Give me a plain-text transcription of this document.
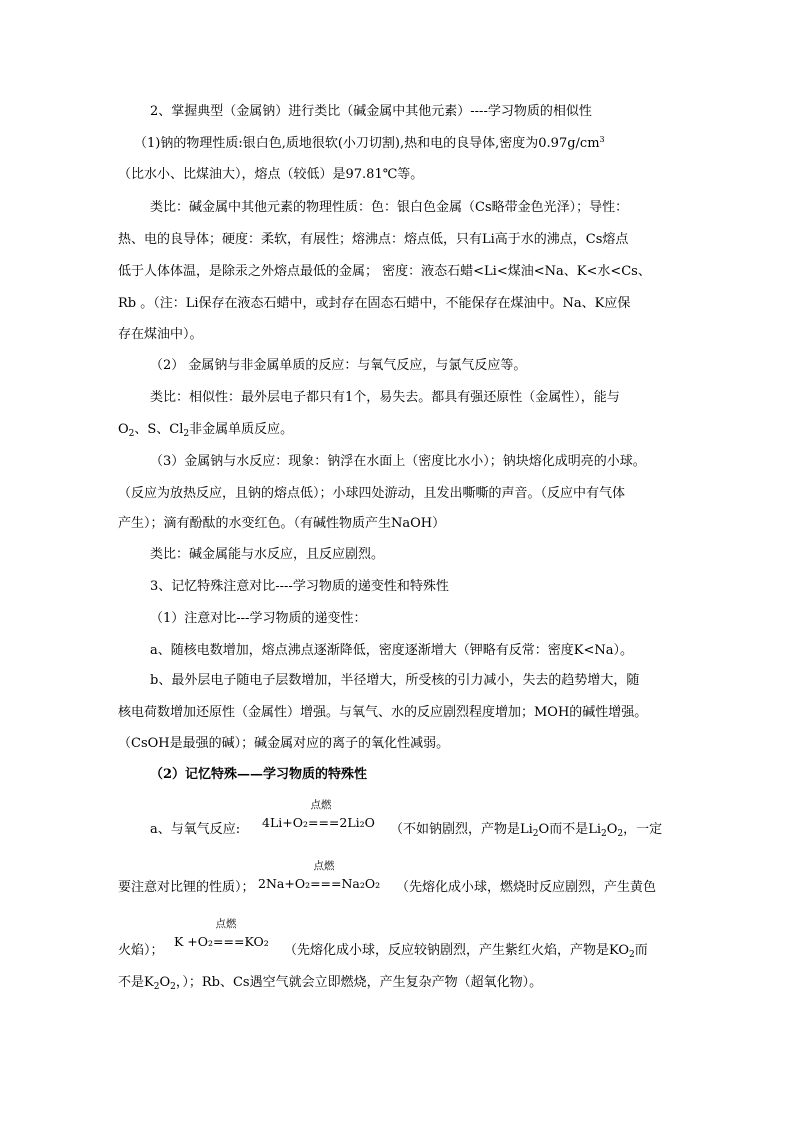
2、掌握典型（金属钠）进行类比（碱金属中其他元素）----学习物质的相似性
（1)钠的物理性质:银白色,质地很软(小刀切割),热和电的良导体,密度为$0.97g/cm^3$
（比水小、比煤油大），熔点（较低）是97.81℃等。
类比：碱金属中其他元素的物理性质：色：银白色金属（Cs略带金色光泽）；导性：
热、电的良导体；硬度：柔软，有展性；熔沸点：熔点低，只有Li高于水的沸点，Cs熔点
低于人体体温，是除汞之外熔点最低的金属； 密度：液态石蜡<Li<煤油<Na、K<水<Cs、
Rb 。（注：Li保存在液态石蜡中，或封存在固态石蜡中，不能保存在煤油中。Na、K应保
存在煤油中）。
（2） 金属钠与非金属单质的反应：与氧气反应，与氯气反应等。
类比：相似性：最外层电子都只有1个，易失去。都具有强还原性（金属性），能与
$O_2$、S、$Cl_2$非金属单质反应。
（3）金属钠与水反应：现象：钠浮在水面上（密度比水小）；钠块熔化成明亮的小球。
（反应为放热反应，且钠的熔点低）；小球四处游动，且发出嘶嘶的声音。（反应中有气体
产生）；滴有酚酞的水变红色。（有碱性物质产生NaOH）
类比：碱金属能与水反应，且反应剧烈。
3、记忆特殊注意对比----学习物质的递变性和特殊性
（1）注意对比---学习物质的递变性：
a、随核电数增加，熔点沸点逐渐降低，密度逐渐增大（钾略有反常：密度K<Na）。
b、最外层电子随电子层数增加，半径增大，所受核的引力减小，失去的趋势增大，随
核电荷数增加还原性（金属性）增强。与氧气、水的反应剧烈程度增加；MOH的碱性增强。
（CsOH是最强的碱）；碱金属对应的离子的氧化性减弱。
（2）记忆特殊——学习物质的特殊性
a、与氧气反应:
点燃
4Li+O₂===2Li₂O	（不如钠剧烈，产物是$Li_2O$而不是$Li_2O_2$，一定
要注意对比锂的性质）；
点燃
2Na+O₂===Na₂O₂	（先熔化成小球，燃烧时反应剧烈，产生黄色
火焰）；
点燃
K +O₂===KO₂
（先熔化成小球，反应较钠剧烈，产生紫红火焰，产物是$KO_2$而
不是$K_2O_2$，）；Rb、Cs遇空气就会立即燃烧，产生复杂产物（超氧化物）。
